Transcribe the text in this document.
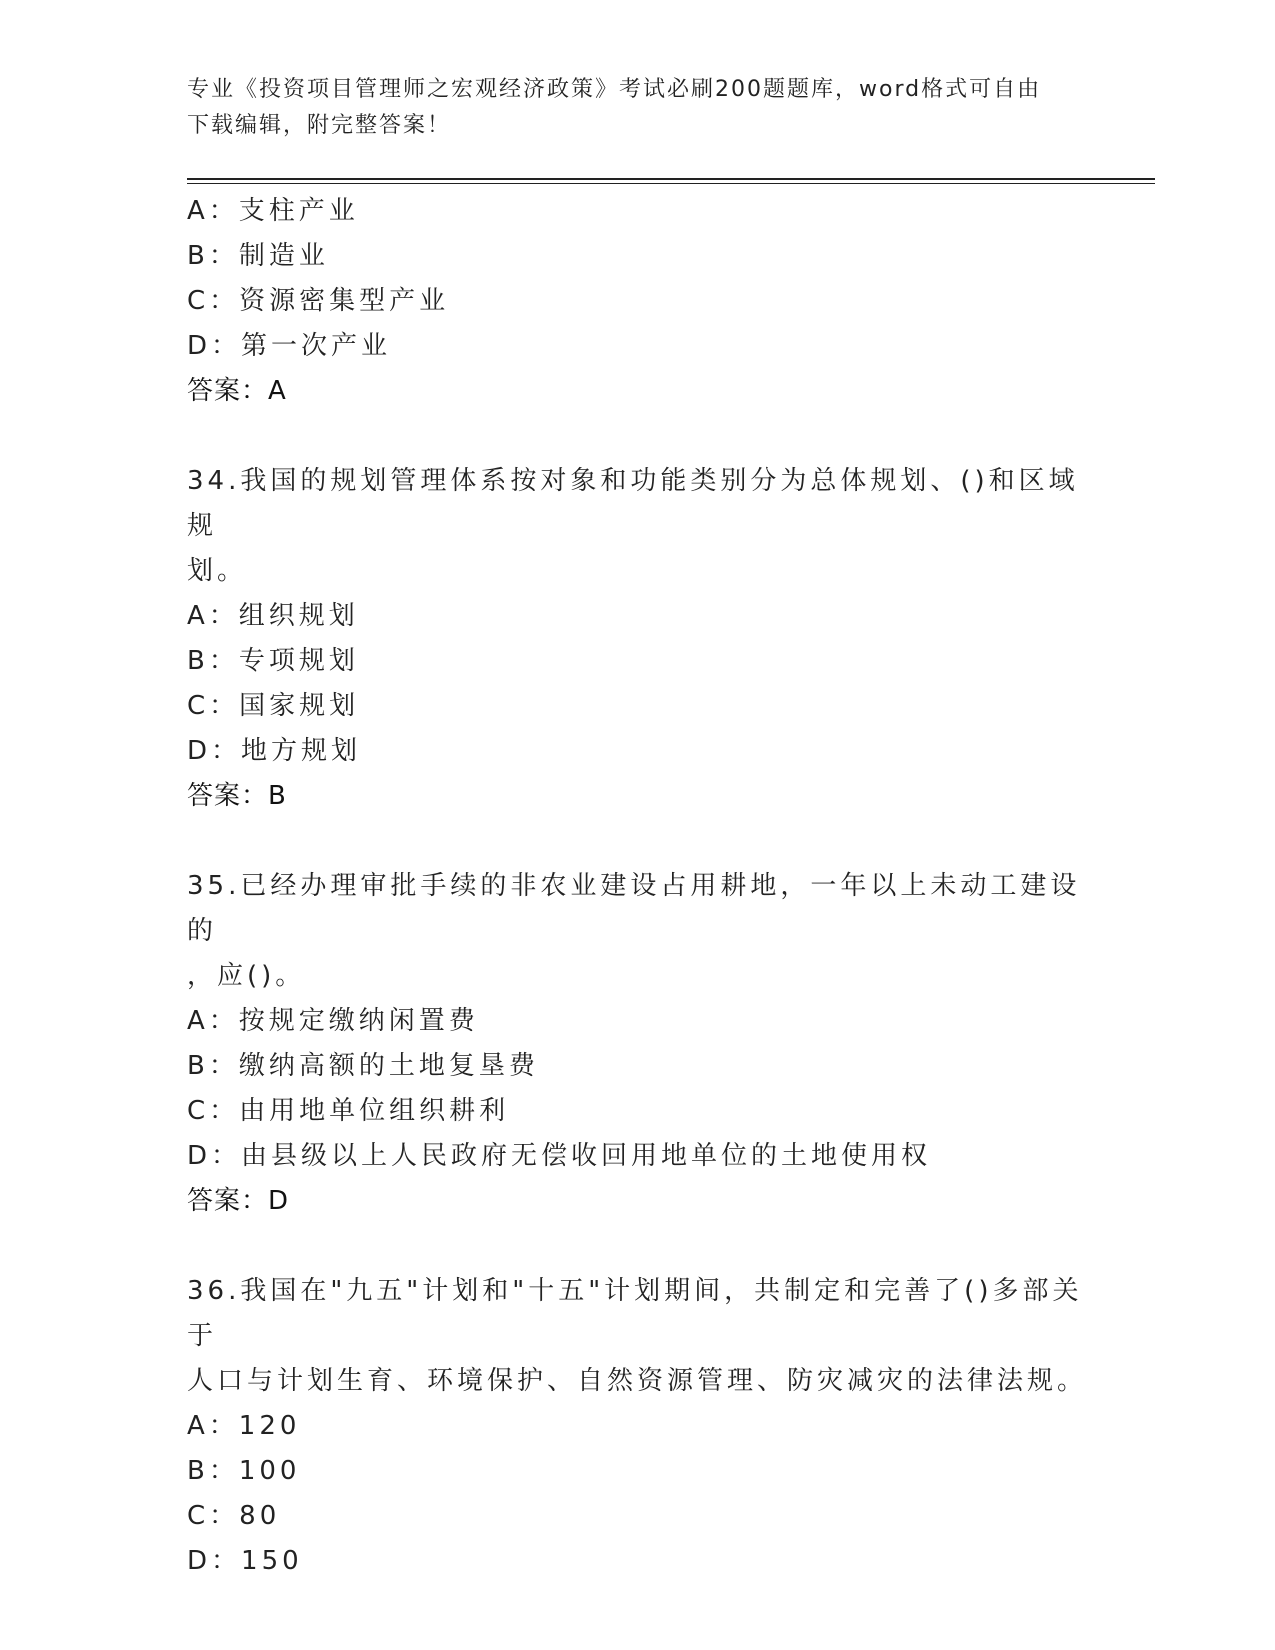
专业《投资项目管理师之宏观经济政策》考试必刷200题题库，word格式可自由
下载编辑，附完整答案！
A：支柱产业
B：制造业
C：资源密集型产业
D：第一次产业
答案：A
34.我国的规划管理体系按对象和功能类别分为总体规划、()和区域规
划。
A：组织规划
B：专项规划
C：国家规划
D：地方规划
答案：B
35.已经办理审批手续的非农业建设占用耕地，一年以上未动工建设的
，应()。
A：按规定缴纳闲置费
B：缴纳高额的土地复垦费
C：由用地单位组织耕利
D：由县级以上人民政府无偿收回用地单位的土地使用权
答案：D
36.我国在"九五"计划和"十五"计划期间，共制定和完善了()多部关于
人口与计划生育、环境保护、自然资源管理、防灾减灾的法律法规。
A：120
B：100
C：80
D：150
